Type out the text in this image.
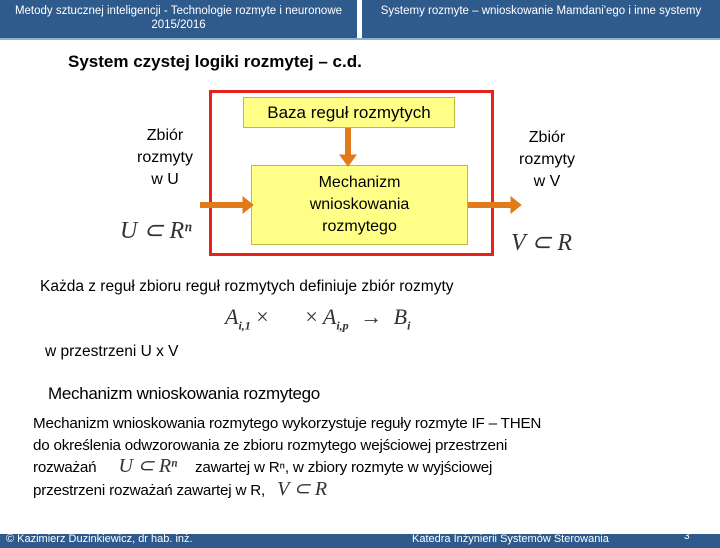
Metody sztucznej inteligencji - Technologie rozmyte i neuronowe 2015/2016
Systemy rozmyte – wnioskowanie Mamdani'ego i inne systemy
System czystej logiki rozmytej – c.d.
Baza reguł rozmytych
Mechanizm
wnioskowania
rozmytego
Zbiór
rozmyty
w U
Zbiór
rozmyty
w V
U ⊂ Rⁿ	V ⊂ R
Każda z reguł zbioru reguł rozmytych definiuje zbiór rozmyty
$A_{i,1}$ ×⃞ × $A_{i,p} \to B_i$
w przestrzeni U x V
Mechanizm wnioskowania rozmytego
Mechanizm wnioskowania rozmytego wykorzystuje reguły rozmyte IF – THEN
do określenia odwzorowania ze zbioru rozmytego wejściowej przestrzeni
rozważań U ⊂ Rⁿ zawartej w Rⁿ, w zbiory rozmyte w wyjściowej
przestrzeni rozważań zawartej w R, V ⊂ R
© Kazimierz Duzinkiewicz, dr hab. inż.	Katedra Inżynierii Systemów Sterowania	3
